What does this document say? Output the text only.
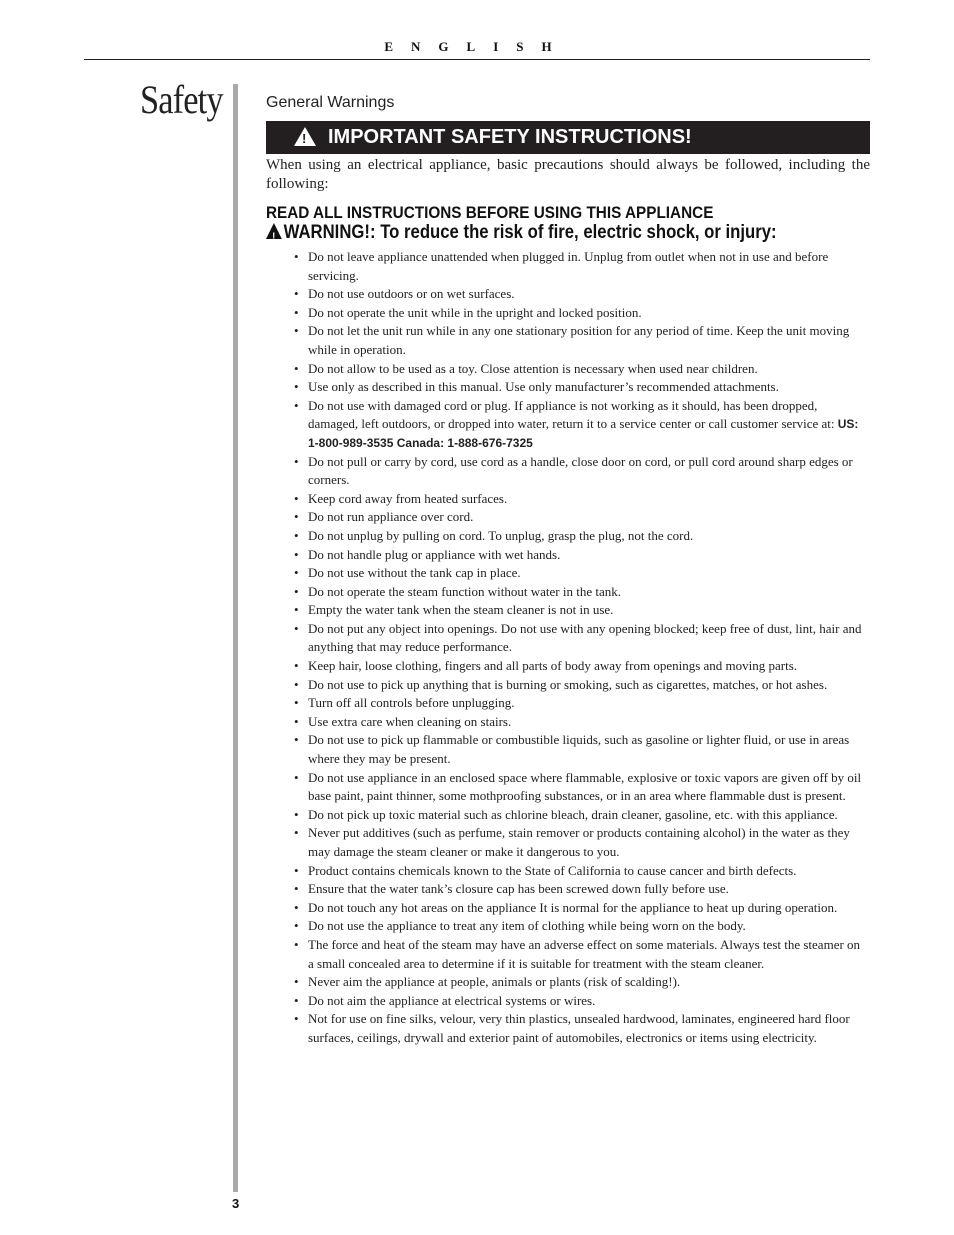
ENGLISH
Safety
3
General Warnings
!
IMPORTANT SAFETY INSTRUCTIONS!

When using an electrical appliance, basic precautions should always be followed, including the following:

READ ALL INSTRUCTIONS BEFORE USING THIS APPLIANCE
!WARNING!: To reduce the risk of fire, electric shock, or injury:
• Do not leave appliance unattended when plugged in. Unplug from outlet when not in use and before servicing.
• Do not use outdoors or on wet surfaces.
• Do not operate the unit while in the upright and locked position.
• Do not let the unit run while in any one stationary position for any period of time. Keep the unit moving while in operation.
• Do not allow to be used as a toy. Close attention is necessary when used near children.
• Use only as described in this manual. Use only manufacturer’s recommended attachments.
• Do not use with damaged cord or plug. If appliance is not working as it should, has been dropped, damaged, left outdoors, or dropped into water, return it to a service center or call customer service at: US: 1-800-989-3535 Canada: 1-888-676-7325
• Do not pull or carry by cord, use cord as a handle, close door on cord, or pull cord around sharp edges or corners.
• Keep cord away from heated surfaces.
• Do not run appliance over cord.
• Do not unplug by pulling on cord. To unplug, grasp the plug, not the cord.
• Do not handle plug or appliance with wet hands.
• Do not use without the tank cap in place.
• Do not operate the steam function without water in the tank.
• Empty the water tank when the steam cleaner is not in use.
• Do not put any object into openings. Do not use with any opening blocked; keep free of dust, lint, hair and anything that may reduce performance.
• Keep hair, loose clothing, fingers and all parts of body away from openings and moving parts.
• Do not use to pick up anything that is burning or smoking, such as cigarettes, matches, or hot ashes.
• Turn off all controls before unplugging.
• Use extra care when cleaning on stairs.
• Do not use to pick up flammable or combustible liquids, such as gasoline or lighter fluid, or use in areas where they may be present.
• Do not use appliance in an enclosed space where flammable, explosive or toxic vapors are given off by oil base paint, paint thinner, some mothproofing substances, or in an area where flammable dust is present.
• Do not pick up toxic material such as chlorine bleach, drain cleaner, gasoline, etc. with this appliance.
• Never put additives (such as perfume, stain remover or products containing alcohol) in the water as they may damage the steam cleaner or make it dangerous to you.
• Product contains chemicals known to the State of California to cause cancer and birth defects.
• Ensure that the water tank’s closure cap has been screwed down fully before use.
• Do not touch any hot areas on the appliance It is normal for the appliance to heat up during operation.
• Do not use the appliance to treat any item of clothing while being worn on the body.
• The force and heat of the steam may have an adverse effect on some materials. Always test the steamer on a small concealed area to determine if it is suitable for treatment with the steam cleaner.
• Never aim the appliance at people, animals or plants (risk of scalding!).
• Do not aim the appliance at electrical systems or wires.
• Not for use on fine silks, velour, very thin plastics, unsealed hardwood, laminates, engineered hard floor surfaces, ceilings, drywall and exterior paint of automobiles, electronics or items using electricity.
